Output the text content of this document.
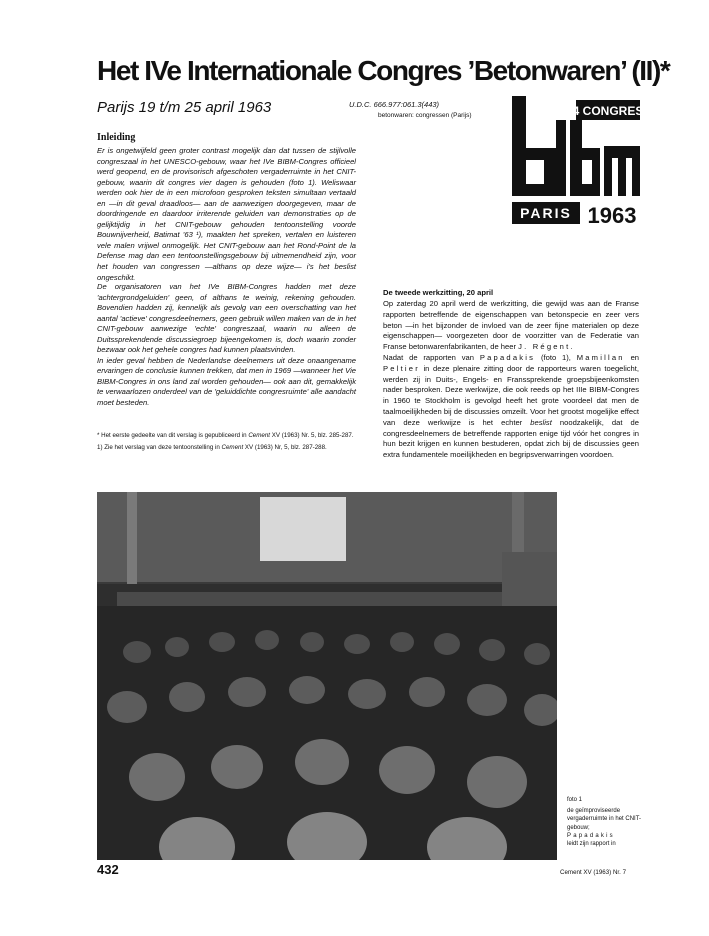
Het IVe Internationale Congres ’Betonwaren’ (II)*
Parijs 19 t/m 25 april 1963	U.D.C. 666.977:061.3(443)
betonwaren: congressen (Parijs)	4 CONGRES
PARIS 1963
Inleiding

Er is ongetwijfeld geen groter contrast mogelijk dan dat tussen de stijlvolle congreszaal in het UNESCO-gebouw, waar het IVe BIBM-Congres officieel werd geopend, en de provisorisch afgeschoten vergaderruimte in het CNIT-gebouw, waarin dit congres vier dagen is gehouden (foto 1). Weliswaar werden ook hier de in een microfoon gesproken teksten simultaan vertaald en —in dit geval draadloos— aan de aanwezigen doorgegeven, maar de doordringende en daardoor irriterende geluiden van demonstraties op de gelijktijdig in het CNIT-gebouw gehouden tentoonstelling voorde Bouwnijverheid, Batimat '63 ¹), maakten het spreken, vertalen en luisteren vele malen vrijwel onmogelijk. Het CNIT-gebouw aan het Rond-Point de la Defense mag dan een tentoonstellingsgebouw bij uitnemendheid zijn, voor het houden van congressen —althans op deze wijze— i's het beslist ongeschikt.

De organisatoren van het IVe BIBM-Congres hadden met deze 'achtergrondgeluiden' geen, of althans te weinig, rekening gehouden. Bovendien hadden zij, kennelijk als gevolg van een overschatting van het aantal 'actieve' congresdeelnemers, geen gebruik willen maken van de in het CNIT-gebouw aanwezige 'echte' congreszaal, waarin nu alleen de Duitssprekendende discussiegroep bijeengekomen is, doch waarin zonder bezwaar ook het gehele congres had kunnen plaatsvinden.

In ieder geval hebben de Nederlandse deelnemers uit deze onaangename ervaringen de conclusie kunnen trekken, dat men in 1969 —wanneer het Vie BIBM-Congres in ons land zal worden gehouden— ook aan dit, gemakkelijk te verwaarlozen onderdeel van de 'geluiddichte congresruimte' alle aandacht moet besteden.

* Het eerste gedeelte van dit verslag is gepubliceerd in Cement XV (1963) Nr. 5, blz. 285-287.

1) Zie het verslag van deze tentoonstelling in Cement XV (1963) Nr, 5, blz. 287-288.

De tweede werkzitting, 20 april

Op zaterdag 20 april werd de werkzitting, die gewijd was aan de Franse rapporten betreffende de eigenschappen van betonspecie en zeer vers beton —in het bijzonder de invloed van de zeer fijne materialen op deze eigenschappen— voorgezeten door de voorzitter van de Federatie van Franse betonwarenfabrikanten, de heer J. Régent.

Nadat de rapporten van Papadakis (foto 1), Mamillan en Peltier in deze plenaire zitting door de rapporteurs waren toegelicht, werden zij in Duits-, Engels- en Franssprekende groepsbijeenkomsten nader besproken. Deze werkwijze, die ook reeds op het IIIe BIBM-Congres in 1960 te Stockholm is gevolgd heeft het grote voordeel dat men de taalmoeilijkheden bij de discussies omzeilt. Voor het grootst mogelijke effect van deze werkwijze is het echter beslist noodzakelijk, dat de congresdeelnemers de betreffende rapporten enige tijd vóór het congres in hun bezit krijgen en kunnen bestuderen, opdat zich bij de discussies geen extra fundamentele moeilijkheden en begripsverwarringen voordoen.

foto 1
de geïmproviseerde vergaderruimte in het CNIT-gebouw;
Papadakis
leidt zijn rapport in
432	Cement XV (1963) Nr. 7
